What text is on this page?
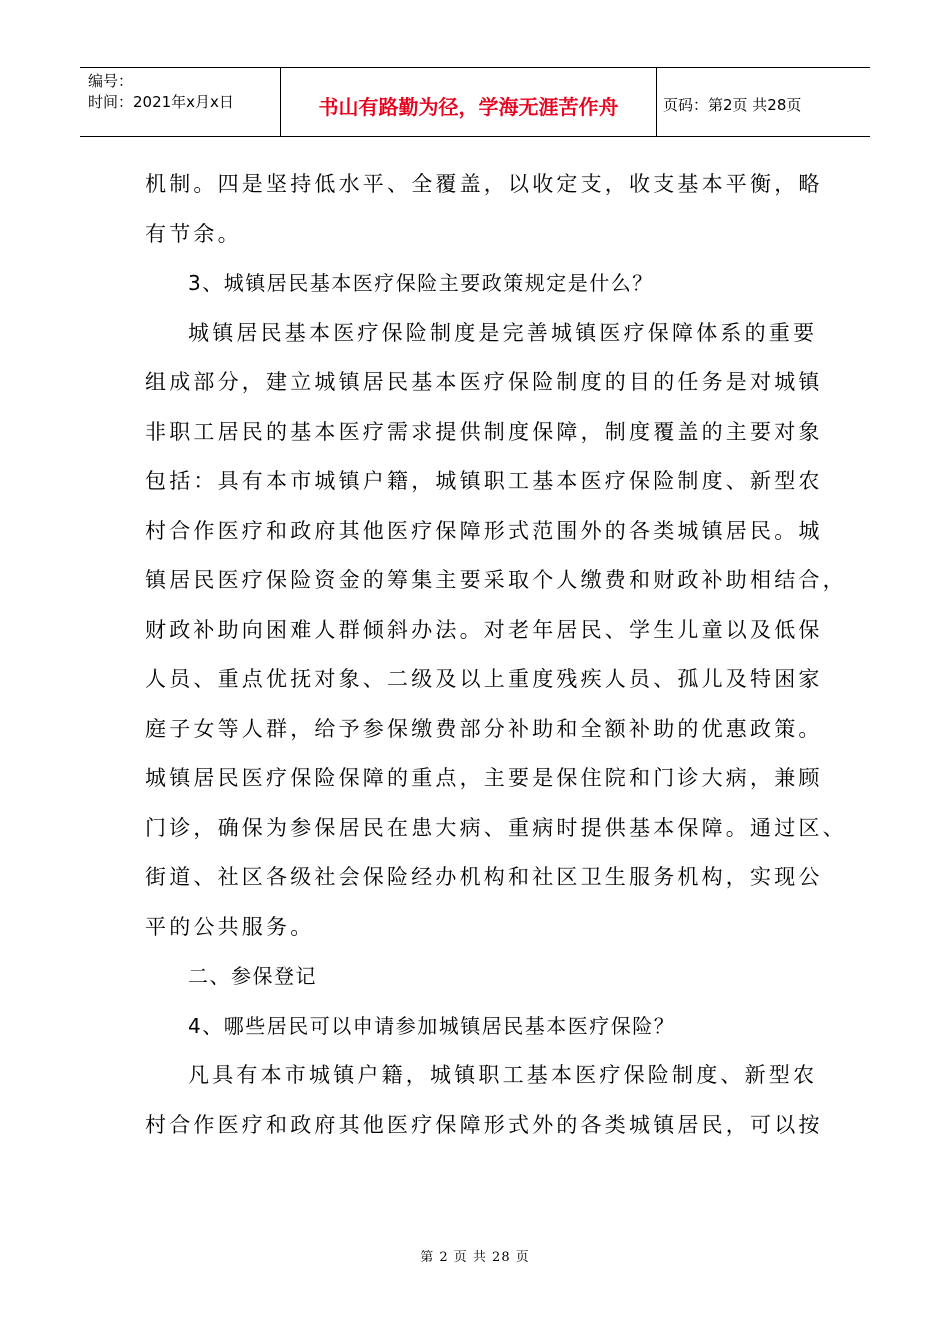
编号：
时间：2021年x月x日	书山有路勤为径，学海无涯苦作舟	页码：第2页 共28页
机制。四是坚持低水平、全覆盖，以收定支，收支基本平衡，略
有节余。
3、城镇居民基本医疗保险主要政策规定是什么？
城镇居民基本医疗保险制度是完善城镇医疗保障体系的重要
组成部分，建立城镇居民基本医疗保险制度的目的任务是对城镇
非职工居民的基本医疗需求提供制度保障，制度覆盖的主要对象
包括：具有本市城镇户籍，城镇职工基本医疗保险制度、新型农
村合作医疗和政府其他医疗保障形式范围外的各类城镇居民。城
镇居民医疗保险资金的筹集主要采取个人缴费和财政补助相结合，
财政补助向困难人群倾斜办法。对老年居民、学生儿童以及低保
人员、重点优抚对象、二级及以上重度残疾人员、孤儿及特困家
庭子女等人群，给予参保缴费部分补助和全额补助的优惠政策。
城镇居民医疗保险保障的重点，主要是保住院和门诊大病，兼顾
门诊，确保为参保居民在患大病、重病时提供基本保障。通过区、
街道、社区各级社会保险经办机构和社区卫生服务机构，实现公
平的公共服务。
二、参保登记
4、哪些居民可以申请参加城镇居民基本医疗保险？
凡具有本市城镇户籍，城镇职工基本医疗保险制度、新型农
村合作医疗和政府其他医疗保障形式外的各类城镇居民，可以按
第 2 页 共 28 页
